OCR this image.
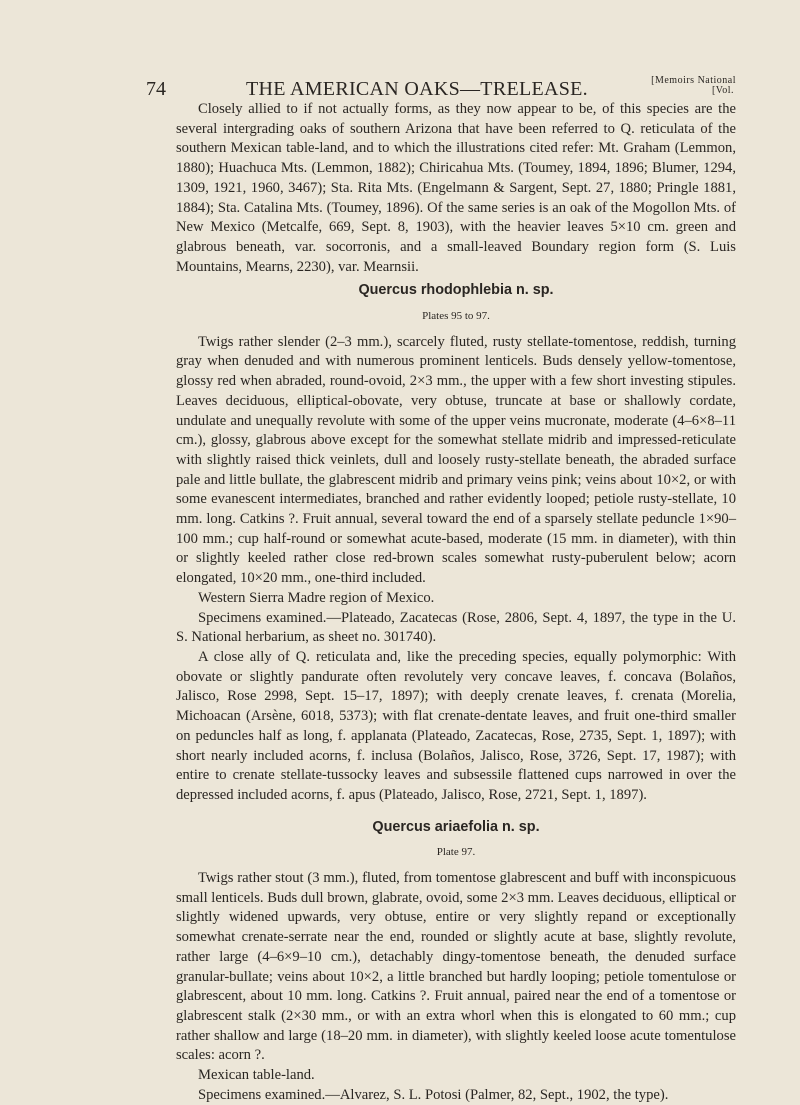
74	THE AMERICAN OAKS—TRELEASE.	[Memoirs National
[Vol.

Closely allied to if not actually forms, as they now appear to be, of this species are the several intergrading oaks of southern Arizona that have been referred to Q. reticulata of the southern Mexican table-land, and to which the illustrations cited refer: Mt. Graham (Lemmon, 1880); Huachuca Mts. (Lemmon, 1882); Chiricahua Mts. (Toumey, 1894, 1896; Blumer, 1294, 1309, 1921, 1960, 3467); Sta. Rita Mts. (Engelmann & Sargent, Sept. 27, 1880; Pringle 1881, 1884); Sta. Catalina Mts. (Toumey, 1896). Of the same series is an oak of the Mogollon Mts. of New Mexico (Metcalfe, 669, Sept. 8, 1903), with the heavier leaves 5×10 cm. green and glabrous beneath, var. socorronis, and a small-leaved Boundary region form (S. Luis Mountains, Mearns, 2230), var. Mearnsii.

Quercus rhodophlebia n. sp.
Plates 95 to 97.

Twigs rather slender (2–3 mm.), scarcely fluted, rusty stellate-tomentose, reddish, turning gray when denuded and with numerous prominent lenticels. Buds densely yellow-tomentose, glossy red when abraded, round-ovoid, 2×3 mm., the upper with a few short investing stipules. Leaves deciduous, elliptical-obovate, very obtuse, truncate at base or shallowly cordate, undulate and unequally revolute with some of the upper veins mucronate, moderate (4–6×8–11 cm.), glossy, glabrous above except for the somewhat stellate midrib and impressed-reticulate with slightly raised thick veinlets, dull and loosely rusty-stellate beneath, the abraded surface pale and little bullate, the glabrescent midrib and primary veins pink; veins about 10×2, or with some evanescent intermediates, branched and rather evidently looped; petiole rusty-stellate, 10 mm. long. Catkins ?. Fruit annual, several toward the end of a sparsely stellate peduncle 1×90–100 mm.; cup half-round or somewhat acute-based, moderate (15 mm. in diameter), with thin or slightly keeled rather close red-brown scales somewhat rusty-puberulent below; acorn elongated, 10×20 mm., one-third included.

Western Sierra Madre region of Mexico.

Specimens examined.—Plateado, Zacatecas (Rose, 2806, Sept. 4, 1897, the type in the U. S. National herbarium, as sheet no. 301740).

A close ally of Q. reticulata and, like the preceding species, equally polymorphic: With obovate or slightly pandurate often revolutely very concave leaves, f. concava (Bolaños, Jalisco, Rose 2998, Sept. 15–17, 1897); with deeply crenate leaves, f. crenata (Morelia, Michoacan (Arsène, 6018, 5373); with flat crenate-dentate leaves, and fruit one-third smaller on peduncles half as long, f. applanata (Plateado, Zacatecas, Rose, 2735, Sept. 1, 1897); with short nearly included acorns, f. inclusa (Bolaños, Jalisco, Rose, 3726, Sept. 17, 1987); with entire to crenate stellate-tussocky leaves and subsessile flattened cups narrowed in over the depressed included acorns, f. apus (Plateado, Jalisco, Rose, 2721, Sept. 1, 1897).

Quercus ariaefolia n. sp.
Plate 97.

Twigs rather stout (3 mm.), fluted, from tomentose glabrescent and buff with inconspicuous small lenticels. Buds dull brown, glabrate, ovoid, some 2×3 mm. Leaves deciduous, elliptical or slightly widened upwards, very obtuse, entire or very slightly repand or exceptionally somewhat crenate-serrate near the end, rounded or slightly acute at base, slightly revolute, rather large (4–6×9–10 cm.), detachably dingy-tomentose beneath, the denuded surface granular-bullate; veins about 10×2, a little branched but hardly looping; petiole tomentulose or glabrescent, about 10 mm. long. Catkins ?. Fruit annual, paired near the end of a tomentose or glabrescent stalk (2×30 mm., or with an extra whorl when this is elongated to 60 mm.; cup rather shallow and large (18–20 mm. in diameter), with slightly keeled loose acute tomentulose scales: acorn ?.

Mexican table-land.

Specimens examined.—Alvarez, S. L. Potosi (Palmer, 82, Sept., 1902, the type).
